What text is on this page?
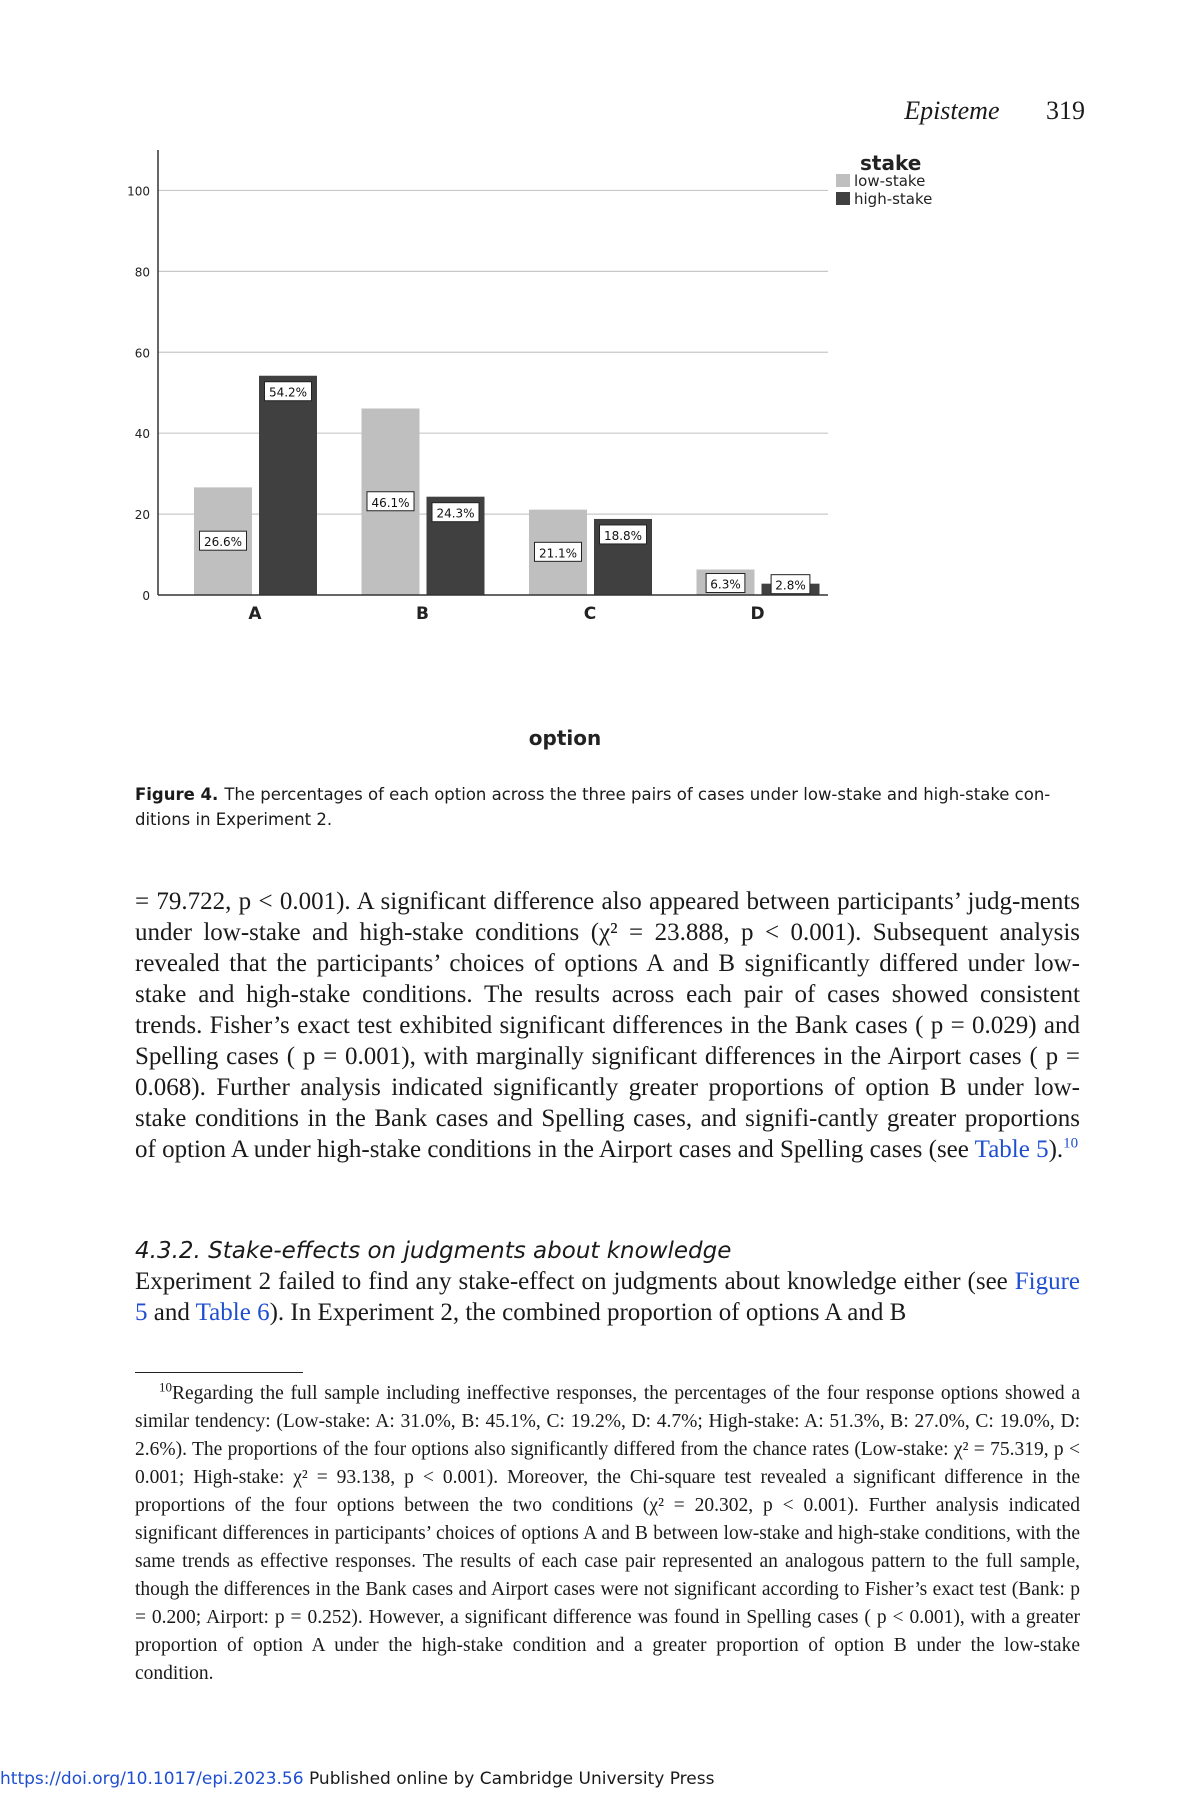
Episteme 319
0
20
40
60
80
100
26.6%
54.2%
46.1%
24.3%
21.1%
18.8%
6.3%	2.8%
A	B	C	D
option
stake
low-stake
high-stake
Figure 4. The percentages of each option across the three pairs of cases under low-stake and high-stake con-ditions in Experiment 2.

= 79.722, p < 0.001). A significant difference also appeared between participants’ judg-ments under low-stake and high-stake conditions (χ² = 23.888, p < 0.001). Subsequent analysis revealed that the participants’ choices of options A and B significantly differed under low-stake and high-stake conditions. The results across each pair of cases showed consistent trends. Fisher’s exact test exhibited significant differences in the Bank cases ( p = 0.029) and Spelling cases ( p = 0.001), with marginally significant differences in the Airport cases ( p = 0.068). Further analysis indicated significantly greater proportions of option B under low-stake conditions in the Bank cases and Spelling cases, and signifi-cantly greater proportions of option A under high-stake conditions in the Airport cases and Spelling cases (see Table 5).$^{10}$

4.3.2. Stake-effects on judgments about knowledge

Experiment 2 failed to find any stake-effect on judgments about knowledge either (see Figure 5 and Table 6). In Experiment 2, the combined proportion of options A and B

$^{10}$Regarding the full sample including ineffective responses, the percentages of the four response options showed a similar tendency: (Low-stake: A: 31.0%, B: 45.1%, C: 19.2%, D: 4.7%; High-stake: A: 51.3%, B: 27.0%, C: 19.0%, D: 2.6%). The proportions of the four options also significantly differed from the chance rates (Low-stake: χ² = 75.319, p < 0.001; High-stake: χ² = 93.138, p < 0.001). Moreover, the Chi-square test revealed a significant difference in the proportions of the four options between the two conditions (χ² = 20.302, p < 0.001). Further analysis indicated significant differences in participants’ choices of options A and B between low-stake and high-stake conditions, with the same trends as effective responses. The results of each case pair represented an analogous pattern to the full sample, though the differences in the Bank cases and Airport cases were not significant according to Fisher’s exact test (Bank: p = 0.200; Airport: p = 0.252). However, a significant difference was found in Spelling cases ( p < 0.001), with a greater proportion of option A under the high-stake condition and a greater proportion of option B under the low-stake condition.

https://doi.org/10.1017/epi.2023.56 Published online by Cambridge University Press
